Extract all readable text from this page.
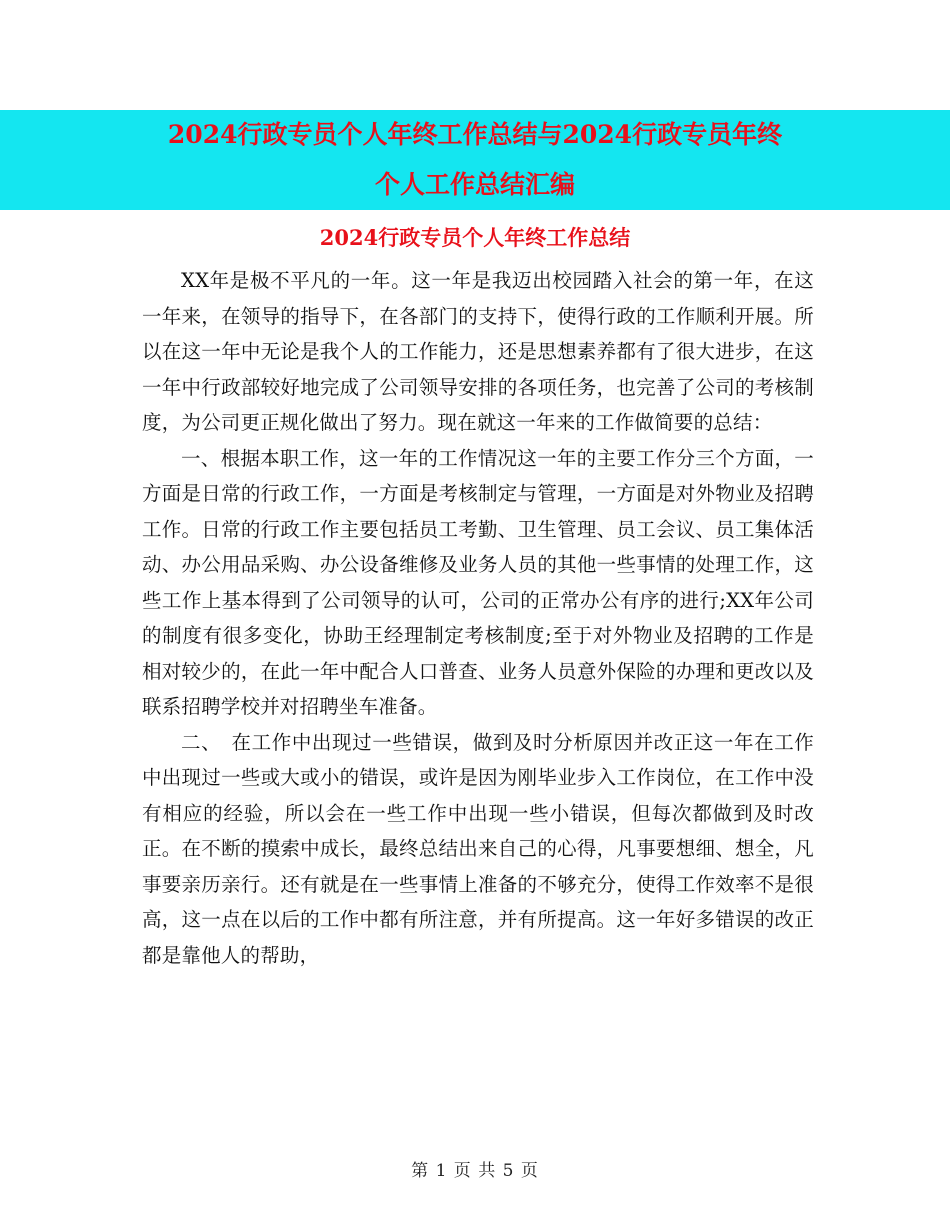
2024行政专员个人年终工作总结与2024行政专员年终
个人工作总结汇编
2024行政专员个人年终工作总结

XX年是极不平凡的一年。这一年是我迈出校园踏入社会的第一年，在这一年来，在领导的指导下，在各部门的支持下，使得行政的工作顺利开展。所以在这一年中无论是我个人的工作能力，还是思想素养都有了很大进步，在这一年中行政部较好地完成了公司领导安排的各项任务，也完善了公司的考核制度，为公司更正规化做出了努力。现在就这一年来的工作做简要的总结：

一、根据本职工作，这一年的工作情况这一年的主要工作分三个方面，一方面是日常的行政工作，一方面是考核制定与管理，一方面是对外物业及招聘工作。日常的行政工作主要包括员工考勤、卫生管理、员工会议、员工集体活动、办公用品采购、办公设备维修及业务人员的其他一些事情的处理工作，这些工作上基本得到了公司领导的认可，公司的正常办公有序的进行;XX年公司的制度有很多变化，协助王经理制定考核制度;至于对外物业及招聘的工作是相对较少的，在此一年中配合人口普查、业务人员意外保险的办理和更改以及联系招聘学校并对招聘坐车准备。

二、　在工作中出现过一些错误，做到及时分析原因并改正这一年在工作中出现过一些或大或小的错误，或许是因为刚毕业步入工作岗位，在工作中没有相应的经验，所以会在一些工作中出现一些小错误，但每次都做到及时改正。在不断的摸索中成长，最终总结出来自己的心得，凡事要想细、想全，凡事要亲历亲行。还有就是在一些事情上准备的不够充分，使得工作效率不是很高，这一点在以后的工作中都有所注意，并有所提高。这一年好多错误的改正都是靠他人的帮助，

第 1 页 共 5 页
